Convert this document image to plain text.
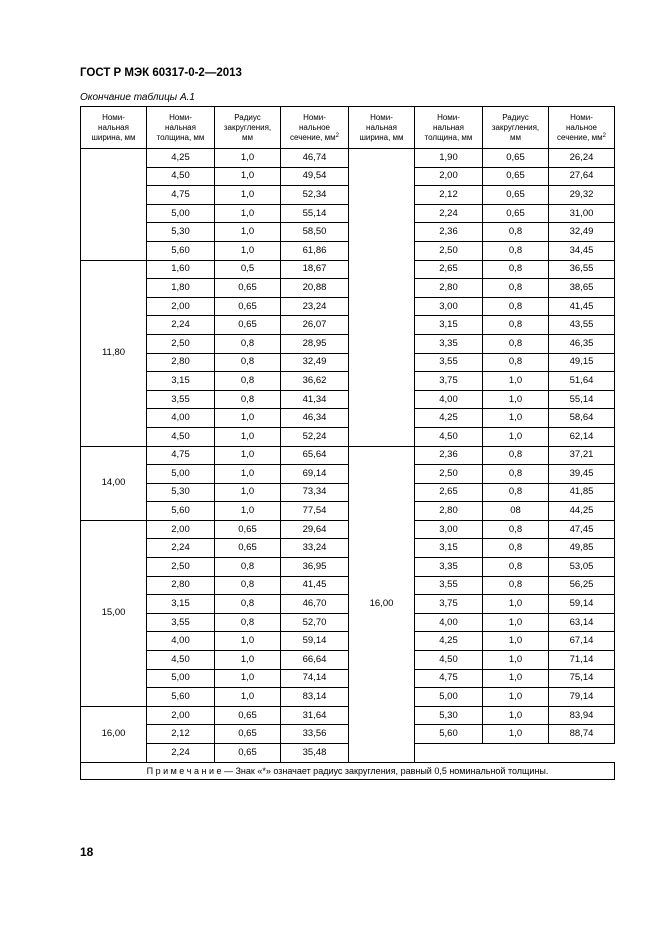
ГОСТ Р МЭК 60317-0-2—2013
Окончание таблицы А.1
Номи-
нальная
ширина, мм	Номи-
нальная
толщина, мм	Радиус
закругления,
мм	Номи-
нальное
сечение, $мм^2$	Номи-
нальная
ширина, мм	Номи-
нальная
толщина, мм	Радиус
закругления,
мм	Номи-
нальное
сечение, $мм^2$
	4,25	1,0	46,74		1,90	0,65	26,24
	4,50	1,0	49,54		2,00	0,65	27,64
	4,75	1,0	52,34		2,12	0,65	29,32
	5,00	1,0	55,14		2,24	0,65	31,00
	5,30	1,0	58,50		2,36	0,8	32,49
	5,60	1,0	61,86		2,50	0,8	34,45
11,80	1,60	0,5	18,67		2,65	0,8	36,55
	1,80	0,65	20,88		2,80	0,8	38,65
	2,00	0,65	23,24		3,00	0,8	41,45
	2,24	0,65	26,07		3,15	0,8	43,55
	2,50	0,8	28,95		3,35	0,8	46,35
	2,80	0,8	32,49		3,55	0,8	49,15
	3,15	0,8	36,62		3,75	1,0	51,64
	3,55	0,8	41,34		4,00	1,0	55,14
	4,00	1,0	46,34		4,25	1,0	58,64
	4,50	1,0	52,24		4,50	1,0	62,14
14,00	4,75	1,0	65,64	16,00	2,36	0,8	37,21
	5,00	1,0	69,14		2,50	0,8	39,45
	5,30	1,0	73,34		2,65	0,8	41,85
	5,60	1,0	77,54		2,80	08	44,25
15,00	2,00	0,65	29,64		3,00	0,8	47,45
	2,24	0,65	33,24		3,15	0,8	49,85
	2,50	0,8	36,95		3,35	0,8	53,05
	2,80	0,8	41,45		3,55	0,8	56,25
	3,15	0,8	46,70		3,75	1,0	59,14
	3,55	0,8	52,70		4,00	1,0	63,14
	4,00	1,0	59,14		4,25	1,0	67,14
	4,50	1,0	66,64		4,50	1,0	71,14
	5,00	1,0	74,14		4,75	1,0	75,14
	5,60	1,0	83,14		5,00	1,0	79,14
16,00	2,00	0,65	31,64		5,30	1,0	83,94
	2,12	0,65	33,56		5,60	1,0	88,74
	2,24	0,65	35,48				
П р и м е ч а н и е — Знак «*» означает радиус закругления, равный 0,5 номинальной толщины.							
18
